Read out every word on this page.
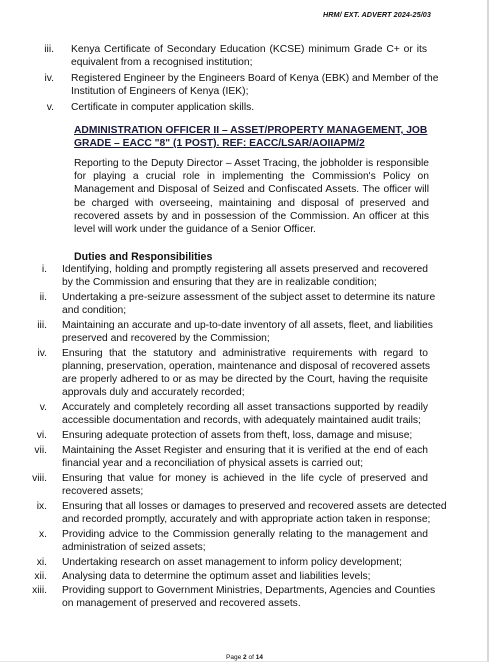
HRM/ EXT. ADVERT 2024-25/03
iii. Kenya Certificate of Secondary Education (KCSE) minimum Grade C+ or its
equivalent from a recognised institution;
iv. Registered Engineer by the Engineers Board of Kenya (EBK) and Member of the
Institution of Engineers of Kenya (IEK);
v. Certificate in computer application skills.
ADMINISTRATION OFFICER II – ASSET/PROPERTY MANAGEMENT, JOB
GRADE – EACC "8" (1 POST). REF: EACC/LSAR/AOIIAPM/2
Reporting to the Deputy Director – Asset Tracing, the jobholder is responsible for playing a crucial role in implementing the Commission's Policy on Management and Disposal of Seized and Confiscated Assets. The officer will be charged with overseeing, maintaining and disposal of preserved and recovered assets by and in possession of the Commission. An officer at this level will work under the guidance of a Senior Officer.
Duties and Responsibilities
i. Identifying, holding and promptly registering all assets preserved and recovered
by the Commission and ensuring that they are in realizable condition;
ii. Undertaking a pre-seizure assessment of the subject asset to determine its nature
and condition;
iii. Maintaining an accurate and up-to-date inventory of all assets, fleet, and liabilities
preserved and recovered by the Commission;
iv. Ensuring that the statutory and administrative requirements with regard to
planning, preservation, operation, maintenance and disposal of recovered assets
are properly adhered to or as may be directed by the Court, having the requisite
approvals duly and accurately recorded;
v. Accurately and completely recording all asset transactions supported by readily
accessible documentation and records, with adequately maintained audit trails;
vi. Ensuring adequate protection of assets from theft, loss, damage and misuse;
vii. Maintaining the Asset Register and ensuring that it is verified at the end of each
financial year and a reconciliation of physical assets is carried out;
viii. Ensuring that value for money is achieved in the life cycle of preserved and
recovered assets;
ix. Ensuring that all losses or damages to preserved and recovered assets are detected
and recorded promptly, accurately and with appropriate action taken in response;
x. Providing advice to the Commission generally relating to the management and
administration of seized assets;
xi. Undertaking research on asset management to inform policy development;
xii. Analysing data to determine the optimum asset and liabilities levels;
xiii. Providing support to Government Ministries, Departments, Agencies and Counties
on management of preserved and recovered assets.
Page 2 of 14
